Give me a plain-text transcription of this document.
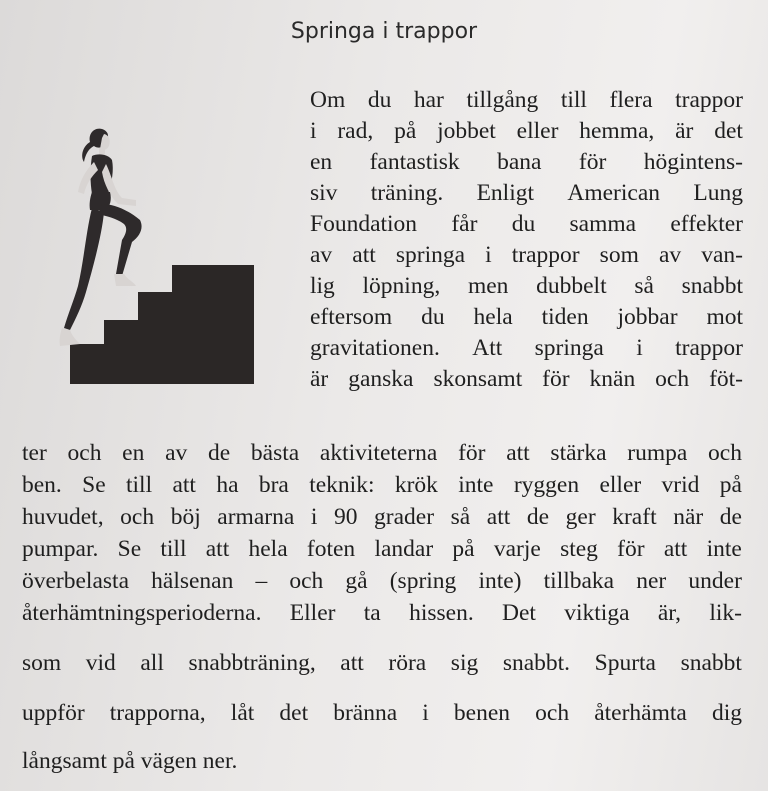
Springa i trappor
Om du har tillgång till flera trappor
i rad, på jobbet eller hemma, är det
en fantastisk bana för högintens-
siv träning. Enligt American Lung
Foundation får du samma effekter
av att springa i trappor som av van-
lig löpning, men dubbelt så snabbt
eftersom du hela tiden jobbar mot
gravitationen. Att springa i trappor
är ganska skonsamt för knän och föt-
ter och en av de bästa aktiviteterna för att stärka rumpa och
ben. Se till att ha bra teknik: krök inte ryggen eller vrid på
huvudet, och böj armarna i 90 grader så att de ger kraft när de
pumpar. Se till att hela foten landar på varje steg för att inte
överbelasta hälsenan – och gå (spring inte) tillbaka ner under
återhämtningsperioderna. Eller ta hissen. Det viktiga är, lik-
som vid all snabbträning, att röra sig snabbt. Spurta snabbt
uppför trapporna, låt det bränna i benen och återhämta dig
långsamt på vägen ner.
